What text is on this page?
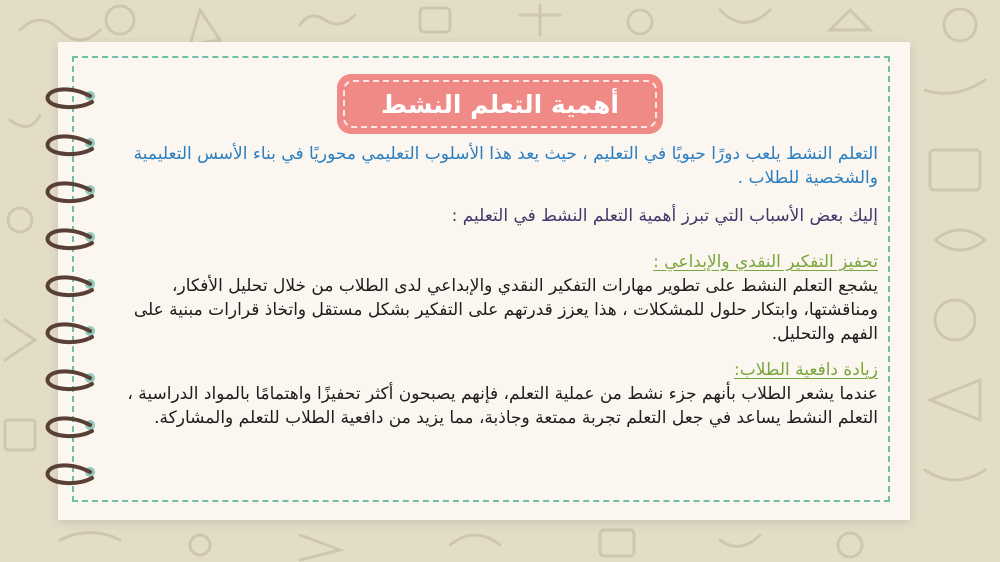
أهمية التعلم النشط

التعلم النشط يلعب دورًا حيويًا في التعليم ، حيث يعد هذا الأسلوب التعليمي محوريًا في بناء الأسس التعليمية والشخصية للطلاب .

إليك بعض الأسباب التي تبرز أهمية التعلم النشط في التعليم :

تحفيز التفكير النقدي والإبداعي :

يشجع التعلم النشط على تطوير مهارات التفكير النقدي والإبداعي لدى الطلاب من خلال تحليل الأفكار، ومناقشتها، وابتكار حلول للمشكلات ، هذا يعزز قدرتهم على التفكير بشكل مستقل واتخاذ قرارات مبنية على الفهم والتحليل.

زيادة دافعية الطلاب:

عندما يشعر الطلاب بأنهم جزء نشط من عملية التعلم، فإنهم يصبحون أكثر تحفيزًا واهتمامًا بالمواد الدراسية ، التعلم النشط يساعد في جعل التعلم تجربة ممتعة وجاذبة، مما يزيد من دافعية الطلاب للتعلم والمشاركة.
